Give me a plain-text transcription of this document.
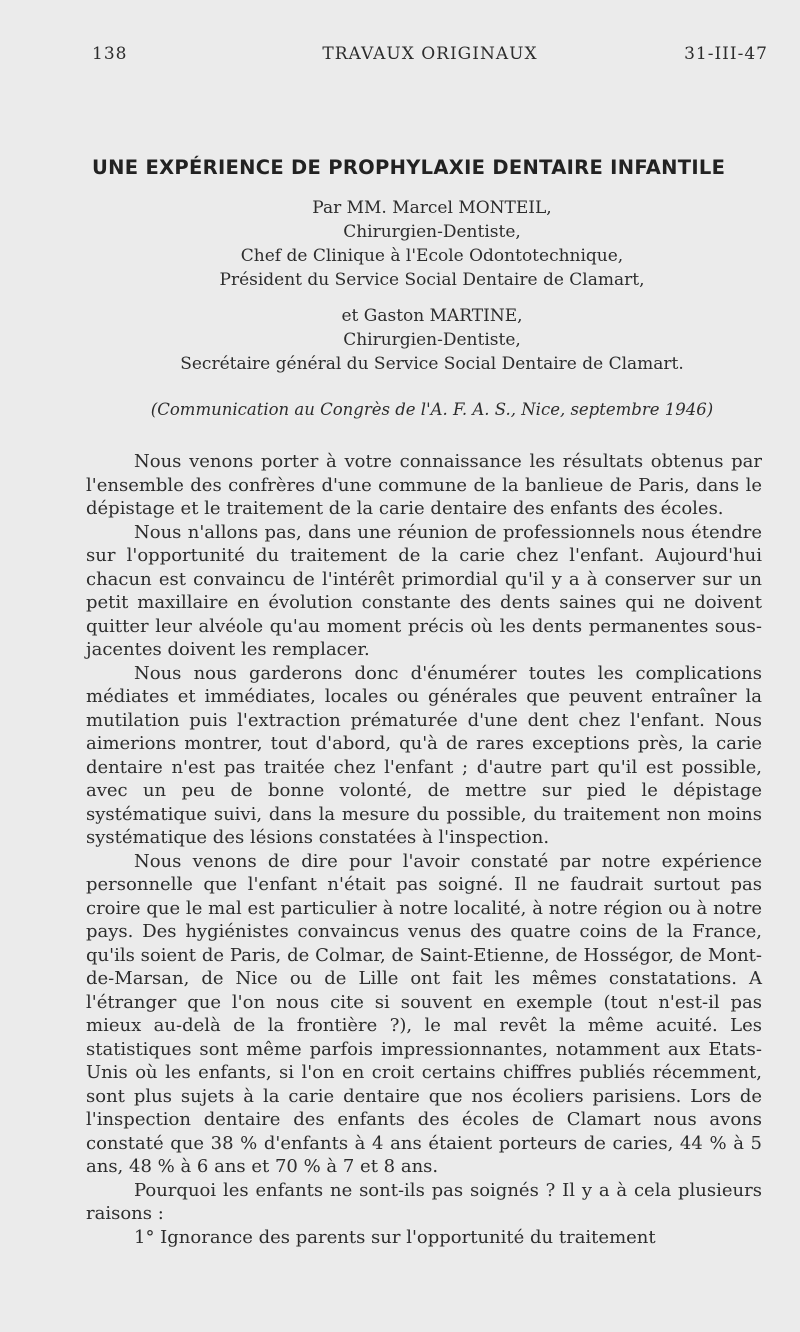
138	TRAVAUX ORIGINAUX	31-III-47
UNE EXPÉRIENCE DE PROPHYLAXIE DENTAIRE INFANTILE
Par MM. Marcel MONTEIL,
Chirurgien-Dentiste,
Chef de Clinique à l'Ecole Odontotechnique,
Président du Service Social Dentaire de Clamart,
et Gaston MARTINE,
Chirurgien-Dentiste,
Secrétaire général du Service Social Dentaire de Clamart.
(Communication au Congrès de l'A. F. A. S., Nice, septembre 1946)

Nous venons porter à votre connaissance les résultats obtenus par l'ensemble des confrères d'une commune de la banlieue de Paris, dans le dépistage et le traitement de la carie dentaire des enfants des écoles.

Nous n'allons pas, dans une réunion de professionnels nous étendre sur l'opportunité du traitement de la carie chez l'enfant. Aujourd'hui chacun est convaincu de l'intérêt primordial qu'il y a à conserver sur un petit maxillaire en évolution constante des dents saines qui ne doivent quitter leur alvéole qu'au moment précis où les dents permanentes sous-jacentes doivent les remplacer.

Nous nous garderons donc d'énumérer toutes les complications médiates et immédiates, locales ou générales que peuvent entraîner la mutilation puis l'extraction prématurée d'une dent chez l'enfant. Nous aimerions montrer, tout d'abord, qu'à de rares exceptions près, la carie dentaire n'est pas traitée chez l'enfant ; d'autre part qu'il est possible, avec un peu de bonne volonté, de mettre sur pied le dépistage systématique suivi, dans la mesure du possible, du traitement non moins systématique des lésions constatées à l'inspection.

Nous venons de dire pour l'avoir constaté par notre expérience personnelle que l'enfant n'était pas soigné. Il ne faudrait surtout pas croire que le mal est particulier à notre localité, à notre région ou à notre pays. Des hygiénistes convaincus venus des quatre coins de la France, qu'ils soient de Paris, de Colmar, de Saint-Etienne, de Hosségor, de Mont-de-Marsan, de Nice ou de Lille ont fait les mêmes constatations. A l'étranger que l'on nous cite si souvent en exemple (tout n'est-il pas mieux au-delà de la frontière ?), le mal revêt la même acuité. Les statistiques sont même parfois impressionnantes, notamment aux Etats-Unis où les enfants, si l'on en croit certains chiffres publiés récemment, sont plus sujets à la carie dentaire que nos écoliers parisiens. Lors de l'inspection dentaire des enfants des écoles de Clamart nous avons constaté que 38 % d'enfants à 4 ans étaient porteurs de caries, 44 % à 5 ans, 48 % à 6 ans et 70 % à 7 et 8 ans.

Pourquoi les enfants ne sont-ils pas soignés ? Il y a à cela plusieurs raisons :

1° Ignorance des parents sur l'opportunité du traitement
